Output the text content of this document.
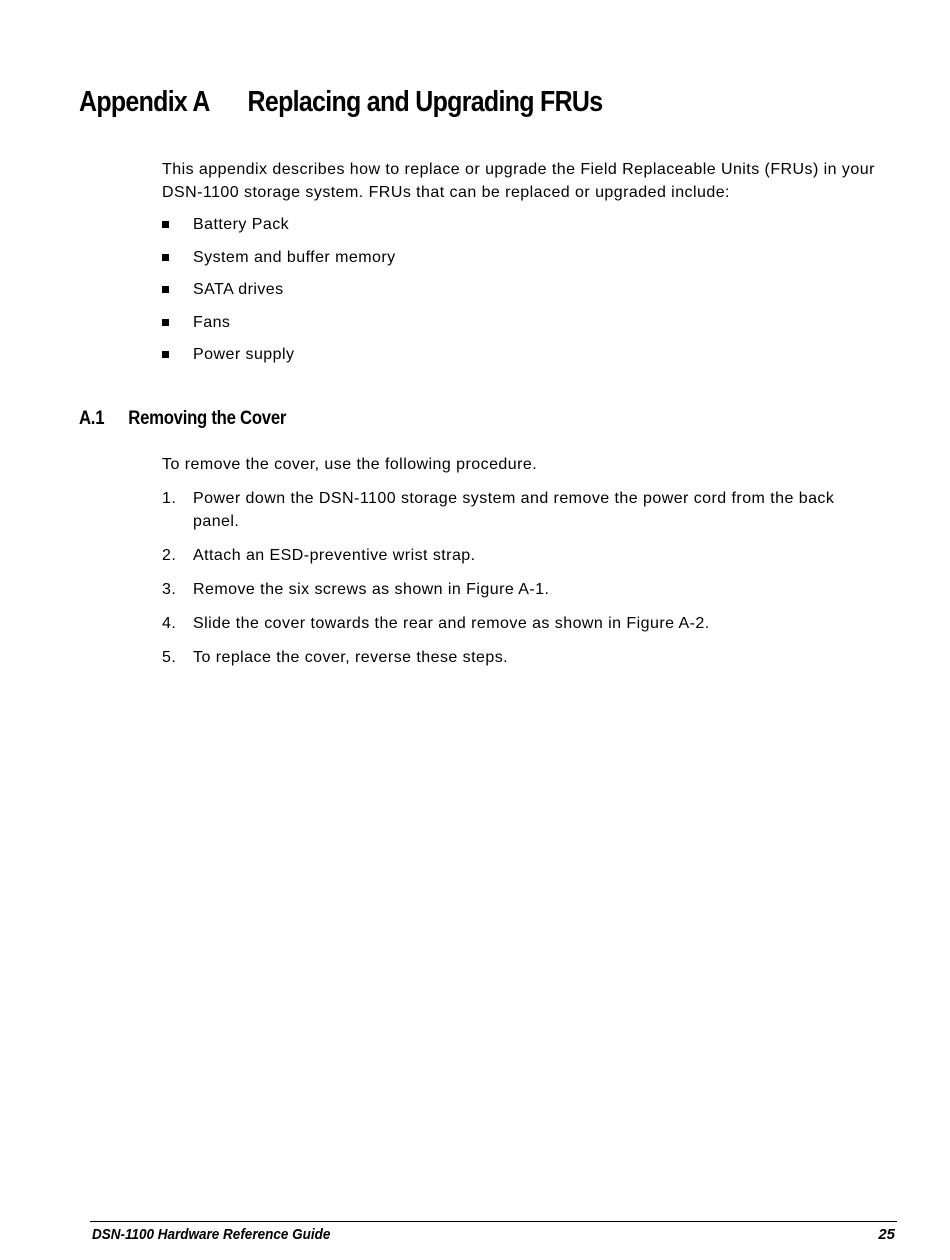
Appendix A Replacing and Upgrading FRUs

This appendix describes how to replace or upgrade the Field Replaceable Units (FRUs) in your DSN-1100 storage system. FRUs that can be replaced or upgraded include:

Battery Pack
System and buffer memory
SATA drives
Fans
Power supply
A.1 Removing the Cover

To remove the cover, use the following procedure.

1. Power down the DSN-1100 storage system and remove the power cord from the back panel.
2. Attach an ESD-preventive wrist strap.
3. Remove the six screws as shown in Figure A-1.
4. Slide the cover towards the rear and remove as shown in Figure A-2.
5. To replace the cover, reverse these steps.
DSN-1100 Hardware Reference Guide	25
